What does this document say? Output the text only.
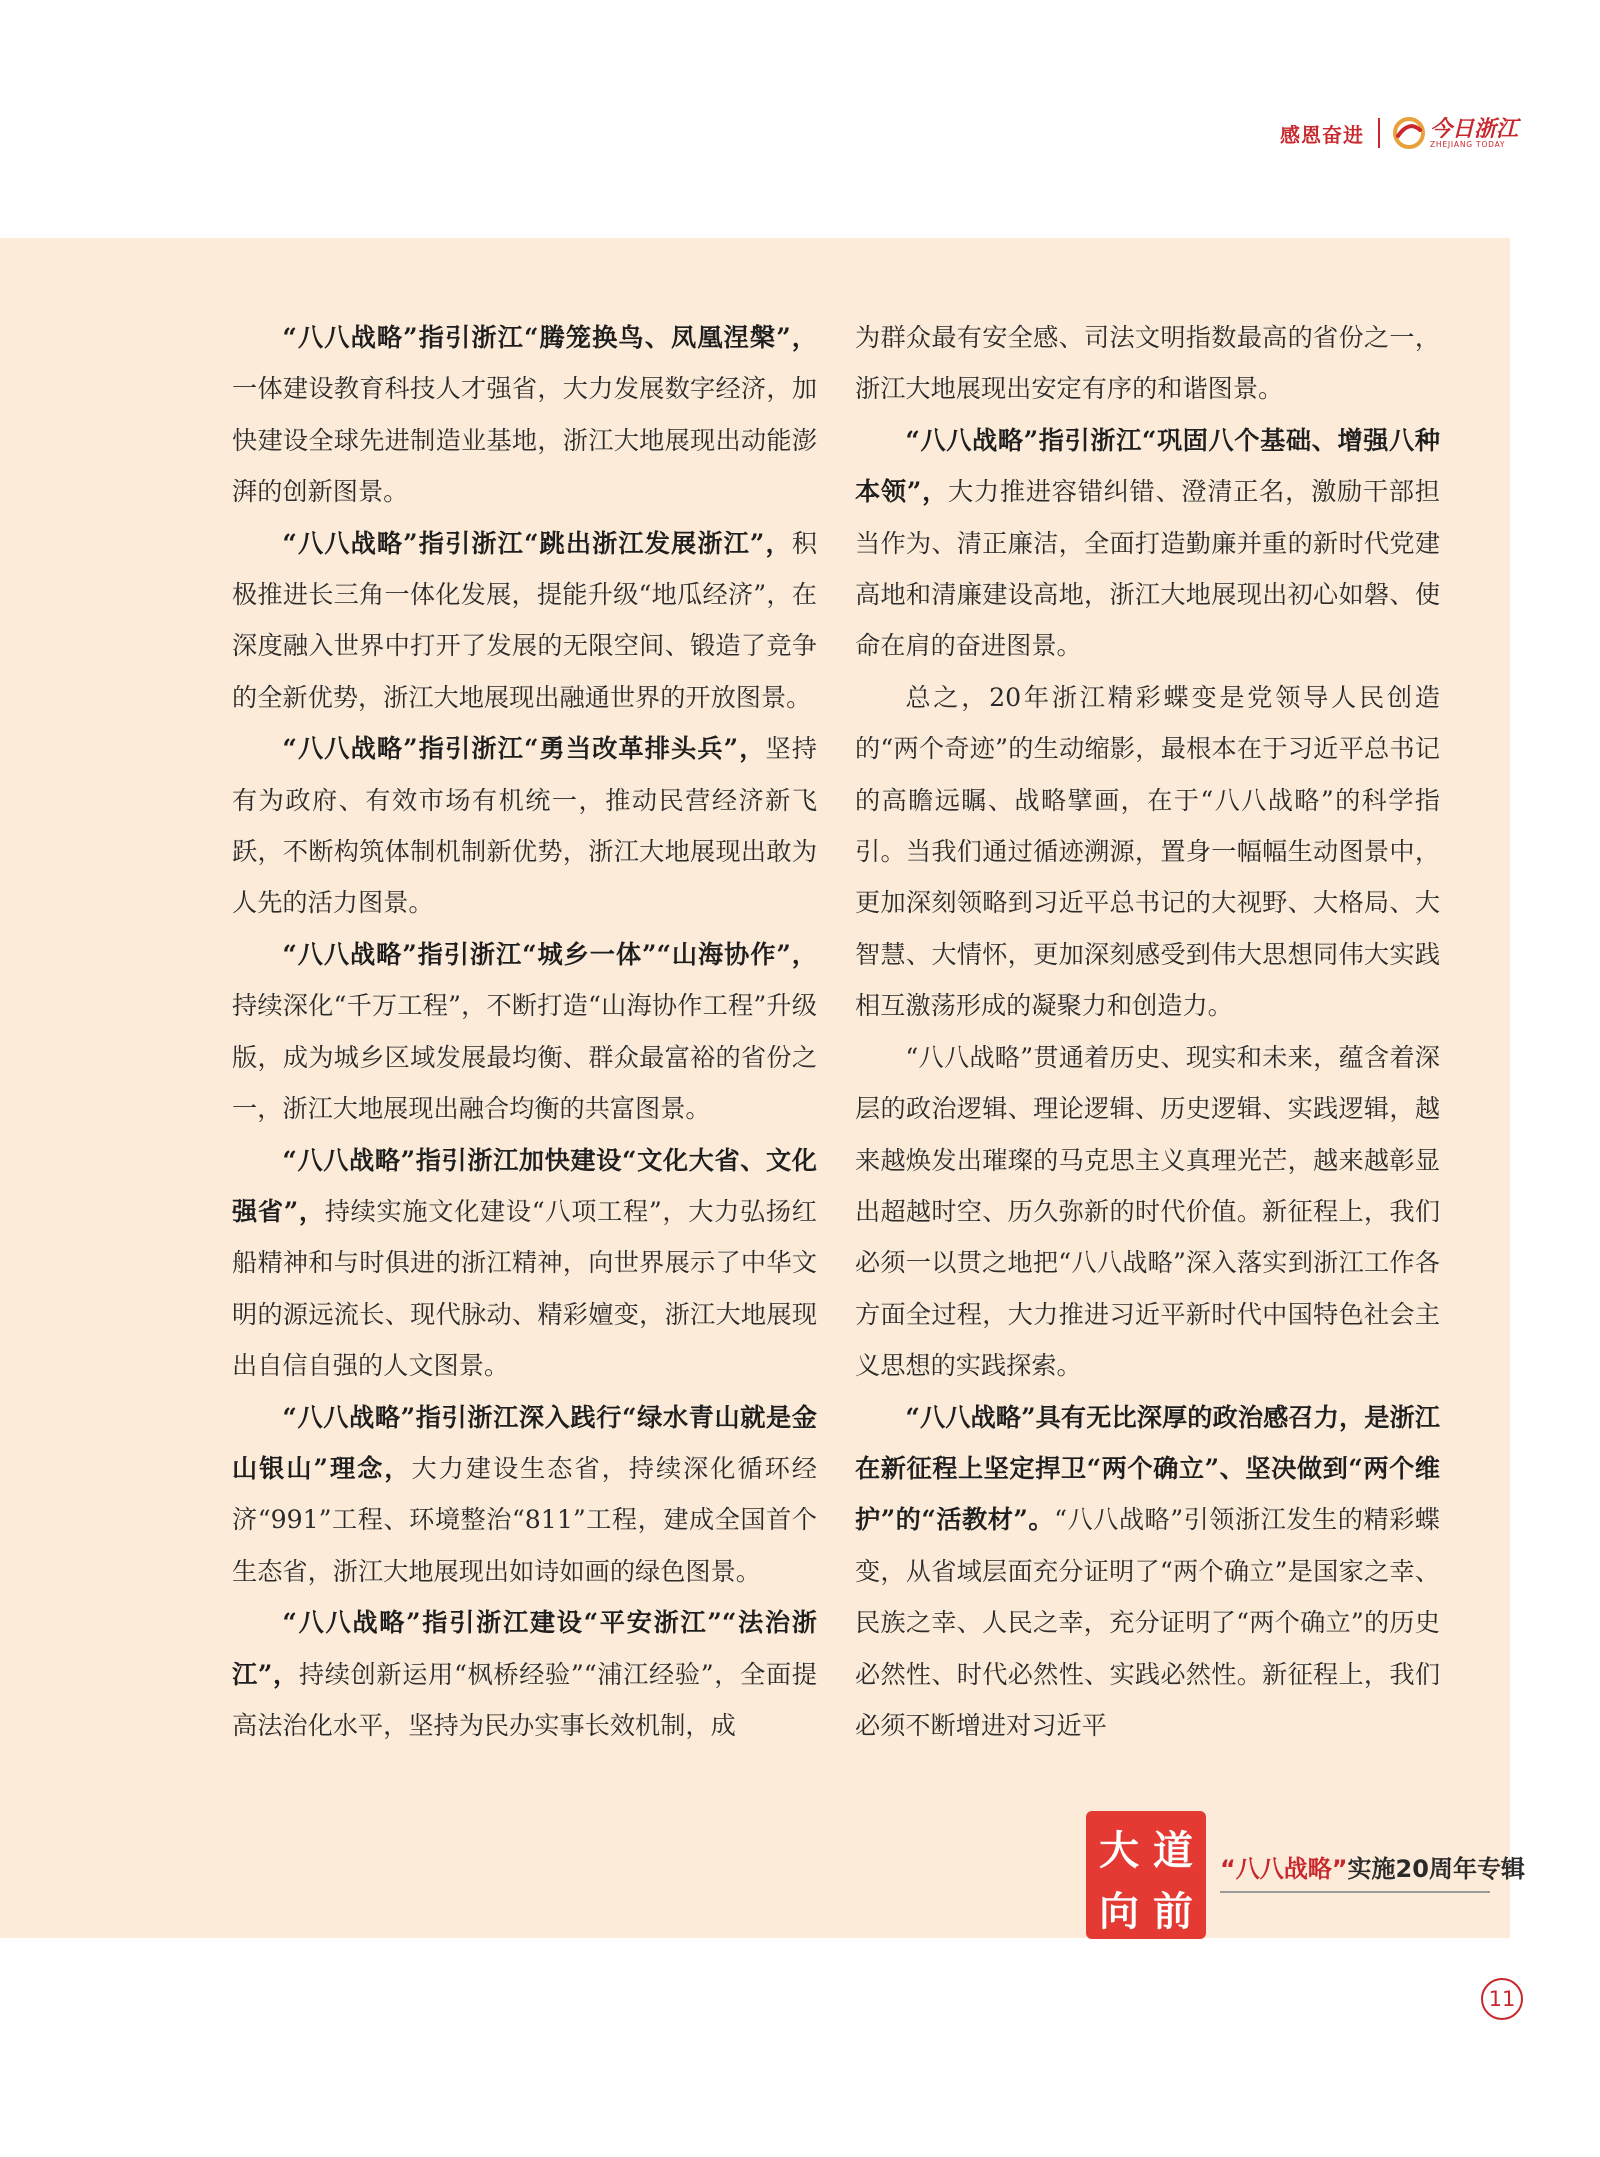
感恩奋进	今日浙江
ZHEJIANG TODAY

“八八战略”指引浙江“腾笼换鸟、凤凰涅槃”，一体建设教育科技人才强省，大力发展数字经济，加快建设全球先进制造业基地，浙江大地展现出动能澎湃的创新图景。

“八八战略”指引浙江“跳出浙江发展浙江”，积极推进长三角一体化发展，提能升级“地瓜经济”，在深度融入世界中打开了发展的无限空间、锻造了竞争的全新优势，浙江大地展现出融通世界的开放图景。

“八八战略”指引浙江“勇当改革排头兵”，坚持有为政府、有效市场有机统一，推动民营经济新飞跃，不断构筑体制机制新优势，浙江大地展现出敢为人先的活力图景。

“八八战略”指引浙江“城乡一体”“山海协作”，持续深化“千万工程”，不断打造“山海协作工程”升级版，成为城乡区域发展最均衡、群众最富裕的省份之一，浙江大地展现出融合均衡的共富图景。

“八八战略”指引浙江加快建设“文化大省、文化强省”，持续实施文化建设“八项工程”，大力弘扬红船精神和与时俱进的浙江精神，向世界展示了中华文明的源远流长、现代脉动、精彩嬗变，浙江大地展现出自信自强的人文图景。

“八八战略”指引浙江深入践行“绿水青山就是金山银山”理念，大力建设生态省，持续深化循环经济“991”工程、环境整治“811”工程，建成全国首个生态省，浙江大地展现出如诗如画的绿色图景。

“八八战略”指引浙江建设“平安浙江”“法治浙江”，持续创新运用“枫桥经验”“浦江经验”，全面提高法治化水平，坚持为民办实事长效机制，成

为群众最有安全感、司法文明指数最高的省份之一，浙江大地展现出安定有序的和谐图景。

“八八战略”指引浙江“巩固八个基础、增强八种本领”，大力推进容错纠错、澄清正名，激励干部担当作为、清正廉洁，全面打造勤廉并重的新时代党建高地和清廉建设高地，浙江大地展现出初心如磐、使命在肩的奋进图景。

总之，20年浙江精彩蝶变是党领导人民创造的“两个奇迹”的生动缩影，最根本在于习近平总书记的高瞻远瞩、战略擘画，在于“八八战略”的科学指引。当我们通过循迹溯源，置身一幅幅生动图景中，更加深刻领略到习近平总书记的大视野、大格局、大智慧、大情怀，更加深刻感受到伟大思想同伟大实践相互激荡形成的凝聚力和创造力。

“八八战略”贯通着历史、现实和未来，蕴含着深层的政治逻辑、理论逻辑、历史逻辑、实践逻辑，越来越焕发出璀璨的马克思主义真理光芒，越来越彰显出超越时空、历久弥新的时代价值。新征程上，我们必须一以贯之地把“八八战略”深入落实到浙江工作各方面全过程，大力推进习近平新时代中国特色社会主义思想的实践探索。

“八八战略”具有无比深厚的政治感召力，是浙江在新征程上坚定捍卫“两个确立”、坚决做到“两个维护”的“活教材”。“八八战略”引领浙江发生的精彩蝶变，从省域层面充分证明了“两个确立”是国家之幸、民族之幸、人民之幸，充分证明了“两个确立”的历史必然性、时代必然性、实践必然性。新征程上，我们必须不断增进对习近平

大 道
向 前
“八八战略”实施20周年专辑
11
